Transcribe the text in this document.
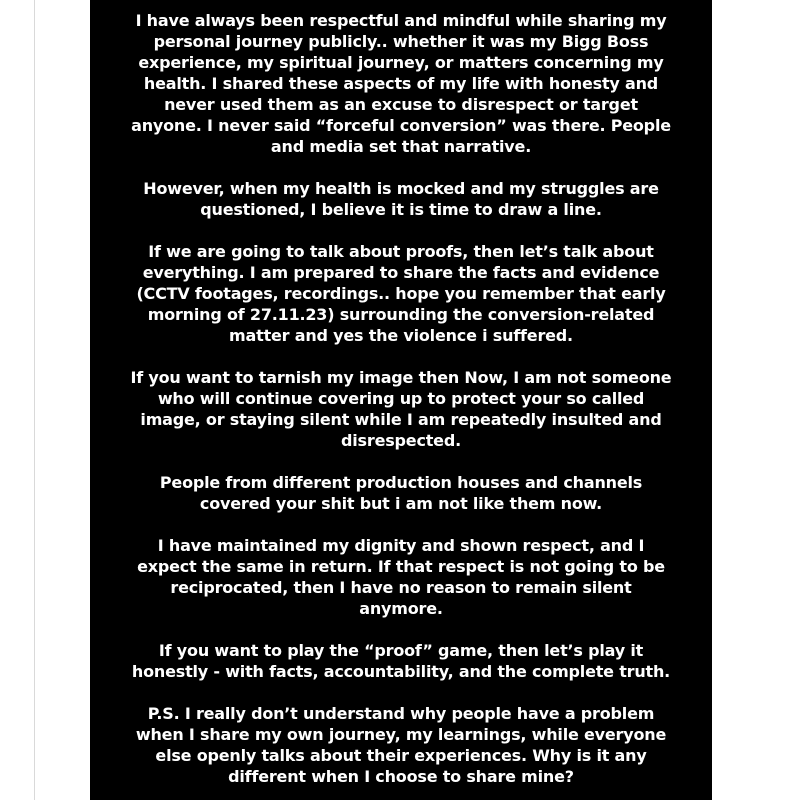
I have always been respectful and mindful while sharing my
personal journey publicly.. whether it was my Bigg Boss
experience, my spiritual journey, or matters concerning my
health. I shared these aspects of my life with honesty and
never used them as an excuse to disrespect or target
anyone. I never said “forceful conversion” was there. People
and media set that narrative.

However, when my health is mocked and my struggles are
questioned, I believe it is time to draw a line.

If we are going to talk about proofs, then let’s talk about
everything. I am prepared to share the facts and evidence
(CCTV footages, recordings.. hope you remember that early
morning of 27.11.23) surrounding the conversion-related
matter and yes the violence i suffered.

If you want to tarnish my image then Now, I am not someone
who will continue covering up to protect your so called
image, or staying silent while I am repeatedly insulted and
disrespected.

People from different production houses and channels
covered your shit but i am not like them now.

I have maintained my dignity and shown respect, and I
expect the same in return. If that respect is not going to be
reciprocated, then I have no reason to remain silent
anymore.

If you want to play the “proof” game, then let’s play it
honestly - with facts, accountability, and the complete truth.

P.S. I really don’t understand why people have a problem
when I share my own journey, my learnings, while everyone
else openly talks about their experiences. Why is it any
different when I choose to share mine?
